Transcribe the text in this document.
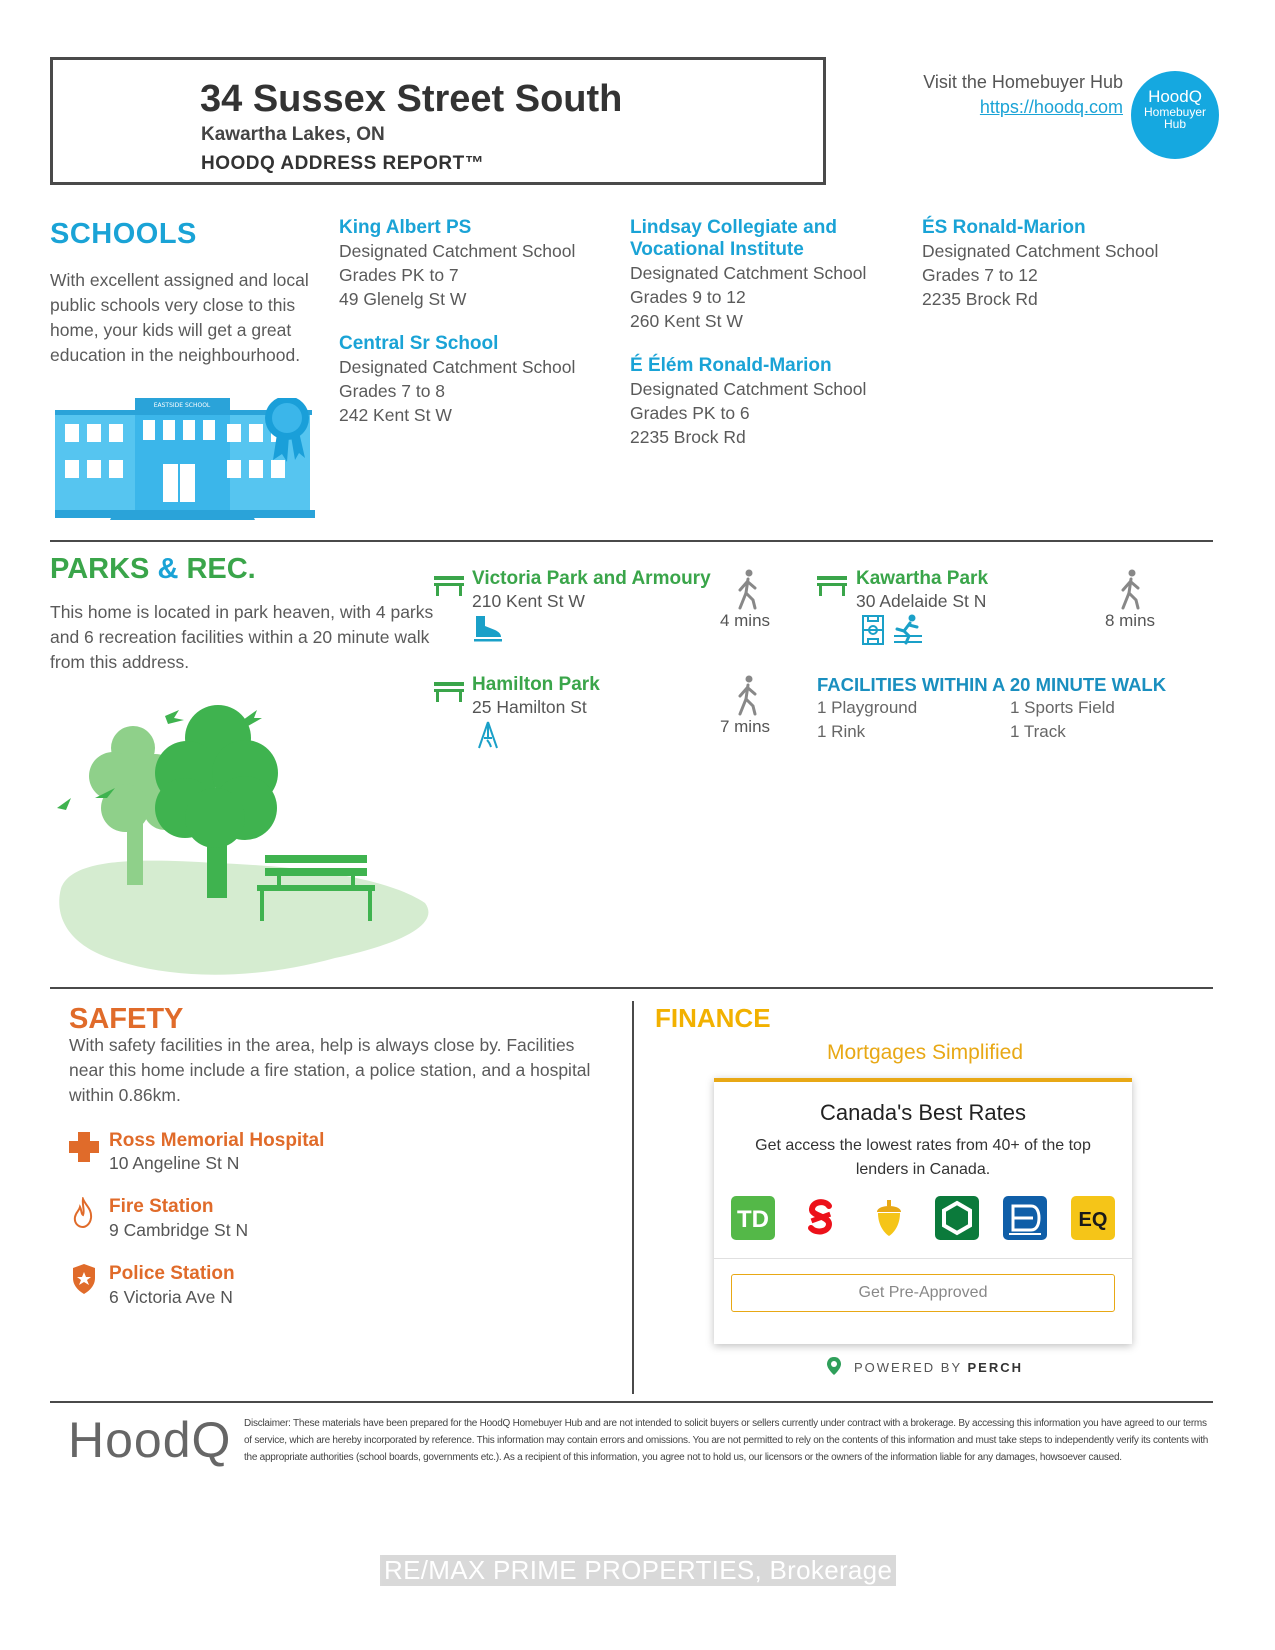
34 Sussex Street South
Kawartha Lakes, ON
HOODQ ADDRESS REPORT™
Visit the Homebuyer Hub
https://hoodq.com
HoodQ
Homebuyer
Hub
SCHOOLS
With excellent assigned and local public schools very close to this home, your kids will get a great education in the neighbourhood.
EASTSIDE SCHOOL
King Albert PS
Designated Catchment School
Grades PK to 7
49 Glenelg St W
Central Sr School
Designated Catchment School
Grades 7 to 8
242 Kent St W
Lindsay Collegiate and
Vocational Institute
Designated Catchment School
Grades 9 to 12
260 Kent St W
É Élém Ronald-Marion
Designated Catchment School
Grades PK to 6
2235 Brock Rd
ÉS Ronald-Marion
Designated Catchment School
Grades 7 to 12
2235 Brock Rd
PARKS & REC.
This home is located in park heaven, with 4 parks and 6 recreation facilities within a 20 minute walk from this address.
Victoria Park and Armoury
210 Kent St W
4 mins
Kawartha Park
30 Adelaide St N
8 mins
Hamilton Park
25 Hamilton St
7 mins
FACILITIES WITHIN A 20 MINUTE WALK
1 Playground	1 Sports Field
1 Rink	1 Track
SAFETY
With safety facilities in the area, help is always close by. Facilities near this home include a fire station, a police station, and a hospital within 0.86km.
Ross Memorial Hospital
10 Angeline St N
Fire Station
9 Cambridge St N
Police Station
6 Victoria Ave N
FINANCE
Mortgages Simplified
Canada's Best Rates
Get access the lowest rates from 40+ of the top lenders in Canada.
TD	EQ
Get Pre-Approved
POWERED BY PERCH
HoodQ Disclaimer: These materials have been prepared for the HoodQ Homebuyer Hub and are not intended to solicit buyers or sellers currently under contract with a brokerage. By accessing this information you have agreed to our terms of service, which are hereby incorporated by reference. This information may contain errors and omissions. You are not permitted to rely on the contents of this information and must take steps to independently verify its contents with the appropriate authorities (school boards, governments etc.). As a recipient of this information, you agree not to hold us, our licensors or the owners of the information liable for any damages, howsoever caused.
RE/MAX PRIME PROPERTIES, Brokerage
